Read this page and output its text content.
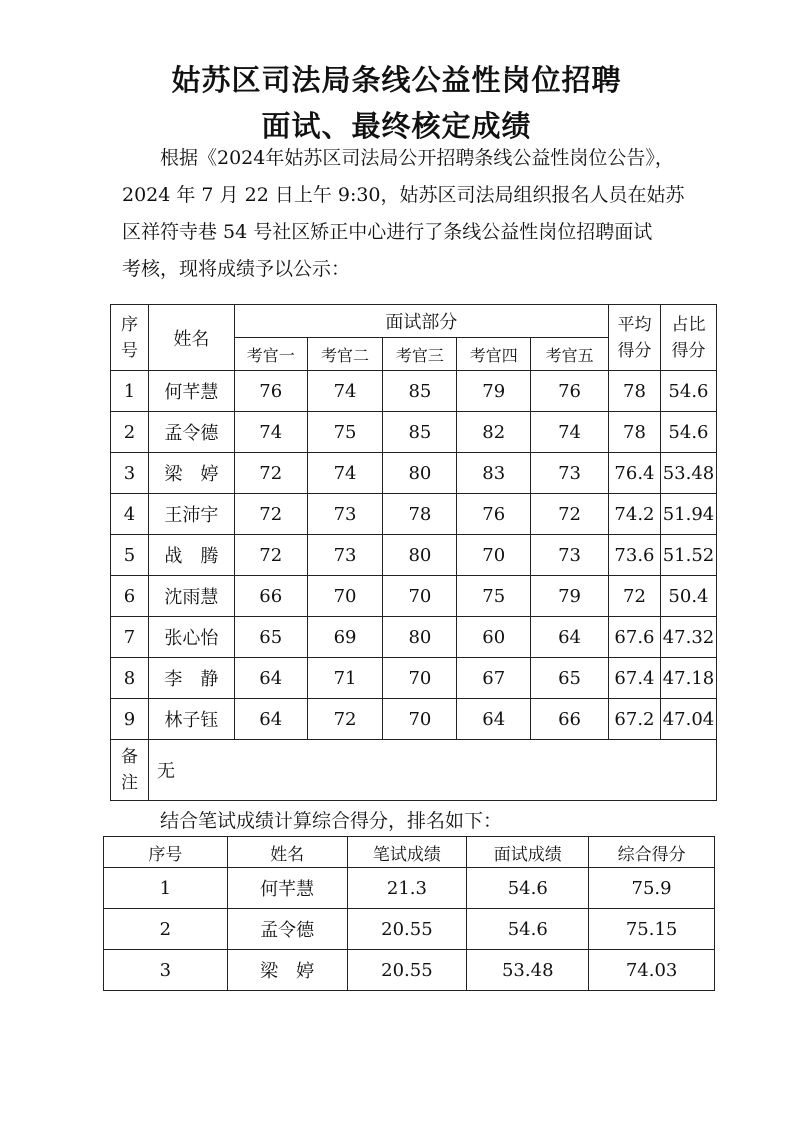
姑苏区司法局条线公益性岗位招聘
面试、最终核定成绩
根据《2024年姑苏区司法局公开招聘条线公益性岗位公告》，
2024 年 7 月 22 日上午 9:30，姑苏区司法局组织报名人员在姑苏
区祥符寺巷 54 号社区矫正中心进行了条线公益性岗位招聘面试
考核，现将成绩予以公示：
序
号	姓名	面试部分					平均
得分	占比
得分

		考官一	考官二	考官三	考官四	考官五		
1	何芊慧	76	74	85	79	76	78	54.6
2	孟令德	74	75	85	82	74	78	54.6
3	梁　婷	72	74	80	83	73	76.4	53.48
4	王沛宇	72	73	78	76	72	74.2	51.94
5	战　腾	72	73	80	70	73	73.6	51.52
6	沈雨慧	66	70	70	75	79	72	50.4
7	张心怡	65	69	80	60	64	67.6	47.32
8	李　静	64	71	70	67	65	67.4	47.18
9	林子钰	64	72	70	64	66	67.2	47.04

备
注	无							
结合笔试成绩计算综合得分，排名如下：
序号	姓名	笔试成绩	面试成绩	综合得分
1	何芊慧	21.3	54.6	75.9
2	孟令德	20.55	54.6	75.15
3	梁　婷	20.55	53.48	74.03
